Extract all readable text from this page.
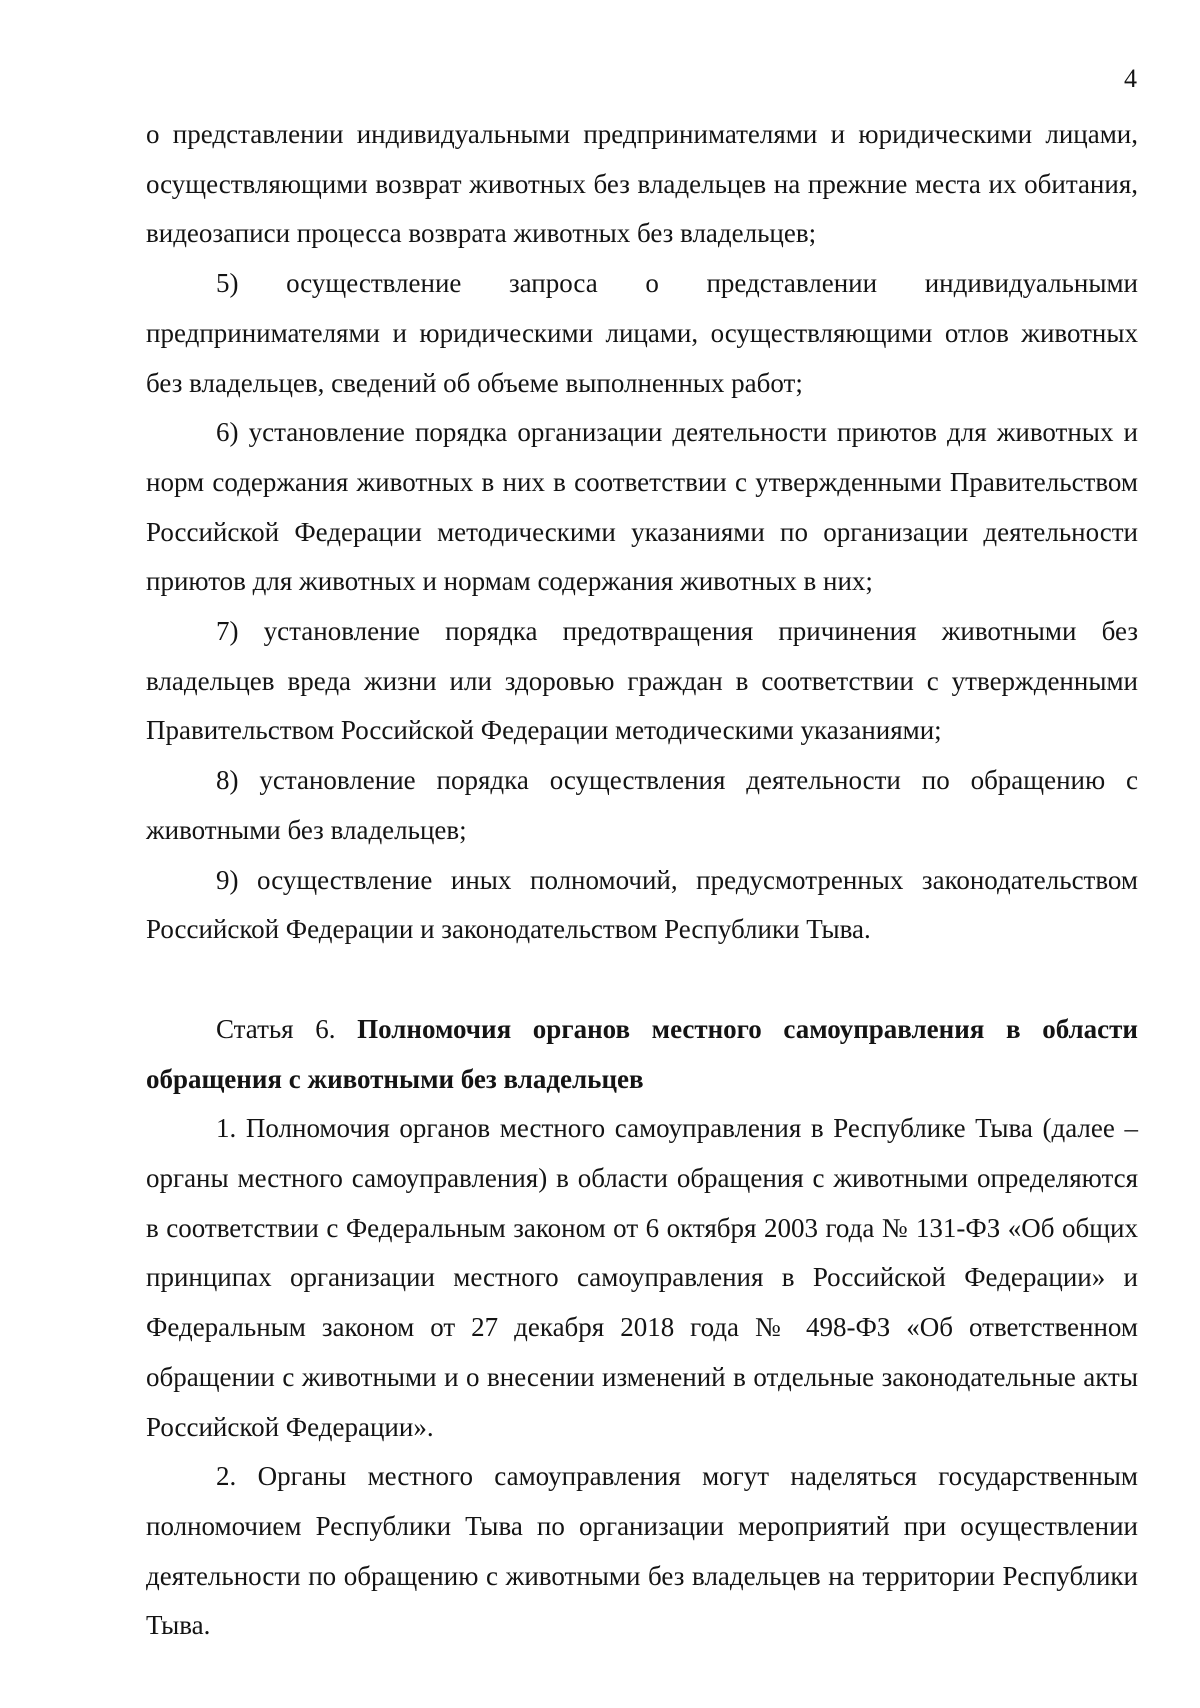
4

о представлении индивидуальными предпринимателями и юридическими лицами, осуществляющими возврат животных без владельцев на прежние места их обитания, видеозаписи процесса возврата животных без владельцев;

5) осуществление запроса о представлении индивидуальными предпринимателями и юридическими лицами, осуществляющими отлов животных без владельцев, сведений об объеме выполненных работ;

6) установление порядка организации деятельности приютов для животных и норм содержания животных в них в соответствии с утвержденными Правительством Российской Федерации методическими указаниями по организации деятельности приютов для животных и нормам содержания животных в них;

7) установление порядка предотвращения причинения животными без владельцев вреда жизни или здоровью граждан в соответствии с утвержденными Правительством Российской Федерации методическими указаниями;

8) установление порядка осуществления деятельности по обращению с животными без владельцев;

9) осуществление иных полномочий, предусмотренных законодательством Российской Федерации и законодательством Республики Тыва.

Статья 6. Полномочия органов местного самоуправления в области обращения с животными без владельцев

1. Полномочия органов местного самоуправления в Республике Тыва (далее – органы местного самоуправления) в области обращения с животными определяются в соответствии с Федеральным законом от 6 октября 2003 года № 131-ФЗ «Об общих принципах организации местного самоуправления в Российской Федерации» и Федеральным законом от 27 декабря 2018 года № 498-ФЗ «Об ответственном обращении с животными и о внесении изменений в отдельные законодательные акты Российской Федерации».

2. Органы местного самоуправления могут наделяться государственным полномочием Республики Тыва по организации мероприятий при осуществлении деятельности по обращению с животными без владельцев на территории Республики Тыва.
